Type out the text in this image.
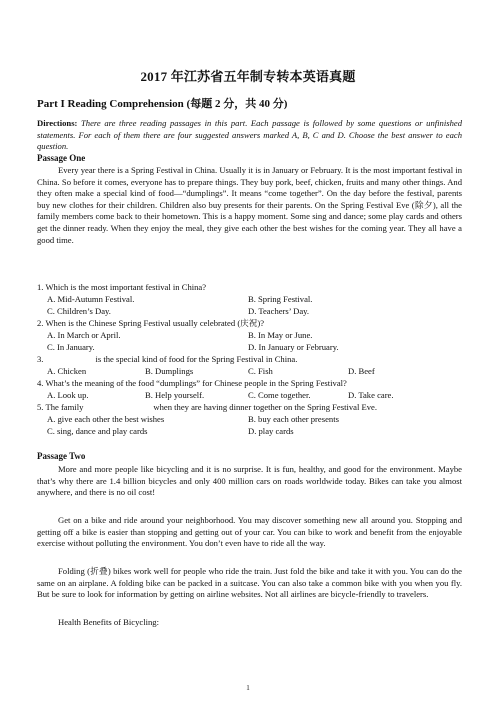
2017 年江苏省五年制专转本英语真题
Part I Reading Comprehension (每题 2 分，共 40 分)
Directions: There are three reading passages in this part. Each passage is followed by some questions or unfinished statements. For each of them there are four suggested answers marked A, B, C and D. Choose the best answer to each question.
Passage One
Every year there is a Spring Festival in China. Usually it is in January or February. It is the most important festival in China. So before it comes, everyone has to prepare things. They buy pork, beef, chicken, fruits and many other things. And they often make a special kind of food—“dumplings”. It means “come together”. On the day before the festival, parents buy new clothes for their children. Children also buy presents for their parents. On the Spring Festival Eve (除夕), all the family members come back to their hometown. This is a happy moment. Some sing and dance; some play cards and others get the dinner ready. When they enjoy the meal, they give each other the best wishes for the coming year. They all have a good time.
1. Which is the most important festival in China?
A. Mid-Autumn Festival.	B. Spring Festival.
C. Children’s Day.	D. Teachers’ Day.
2. When is the Chinese Spring Festival usually celebrated (庆祝)?
A. In March or April.	B. In May or June.
C. In January.	D. In January or February.
3.	is the special kind of food for the Spring Festival in China.
A. Chicken	B. Dumplings	C. Fish	D. Beef
4. What’s the meaning of the food “dumplings” for Chinese people in the Spring Festival?
A. Look up.	B. Help yourself.	C. Come together.	D. Take care.
5. The family	when they are having dinner together on the Spring Festival Eve.
A. give each other the best wishes	B. buy each other presents
C. sing, dance and play cards	D. play cards
Passage Two
More and more people like bicycling and it is no surprise. It is fun, healthy, and good for the environment. Maybe that’s why there are 1.4 billion bicycles and only 400 million cars on roads worldwide today. Bikes can take you almost anywhere, and there is no oil cost!
Get on a bike and ride around your neighborhood. You may discover something new all around you. Stopping and getting off a bike is easier than stopping and getting out of your car. You can bike to work and benefit from the enjoyable exercise without polluting the environment. You don’t even have to ride all the way.
Folding (折叠) bikes work well for people who ride the train. Just fold the bike and take it with you. You can do the same on an airplane. A folding bike can be packed in a suitcase. You can also take a common bike with you when you fly. But be sure to look for information by getting on airline websites. Not all airlines are bicycle-friendly to travelers.
Health Benefits of Bicycling:
1
